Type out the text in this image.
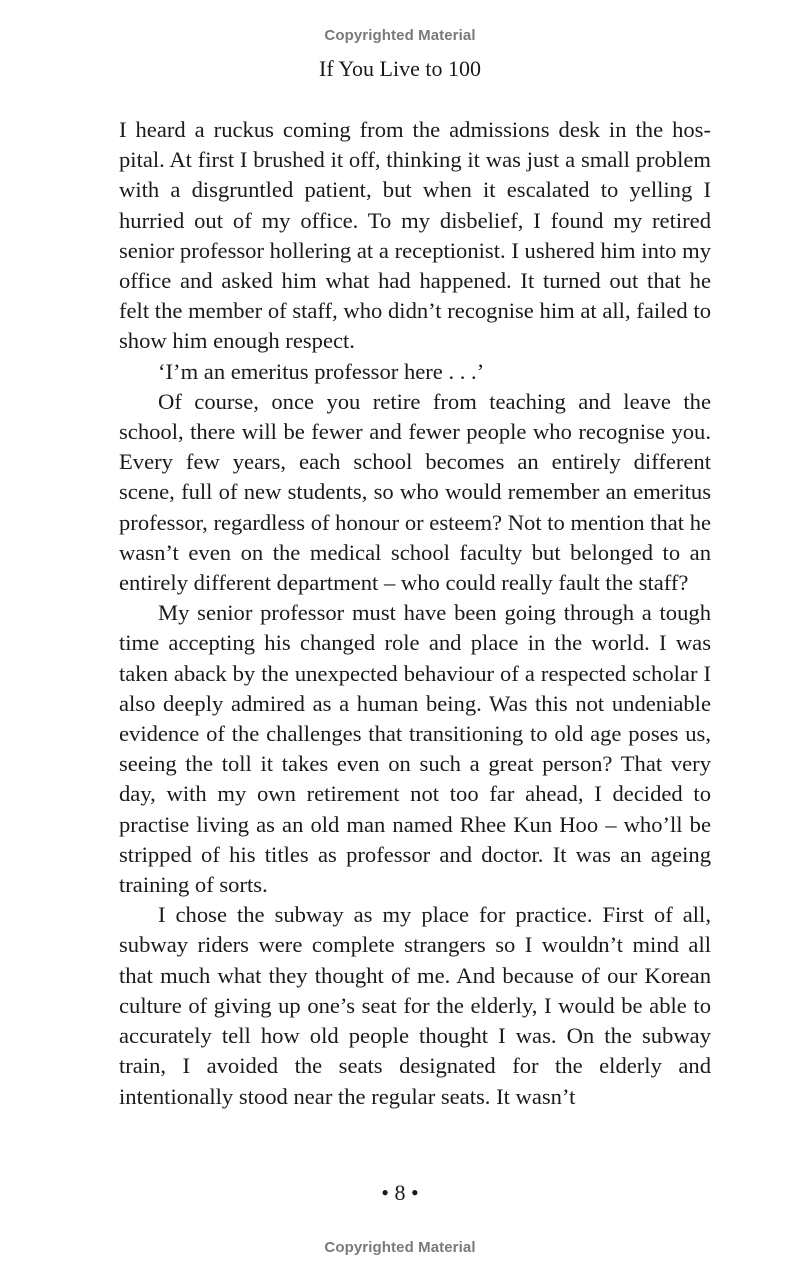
Copyrighted Material
If You Live to 100

I heard a ruckus coming from the admissions desk in the hospital. At first I brushed it off, thinking it was just a small problem with a disgruntled patient, but when it escalated to yelling I hurried out of my office. To my disbelief, I found my retired senior professor hollering at a receptionist. I ushered him into my office and asked him what had happened. It turned out that he felt the member of staff, who didn’t recognise him at all, failed to show him enough respect.

‘I’m an emeritus professor here . . .’

Of course, once you retire from teaching and leave the school, there will be fewer and fewer people who recognise you. Every few years, each school becomes an entirely different scene, full of new students, so who would remember an emeritus professor, regardless of honour or esteem? Not to mention that he wasn’t even on the medical school faculty but belonged to an entirely different department – who could really fault the staff?

My senior professor must have been going through a tough time accepting his changed role and place in the world. I was taken aback by the unexpected behaviour of a respected scholar I also deeply admired as a human being. Was this not undeniable evidence of the challenges that transitioning to old age poses us, seeing the toll it takes even on such a great person? That very day, with my own retirement not too far ahead, I decided to practise living as an old man named Rhee Kun Hoo – who’ll be stripped of his titles as professor and doctor. It was an ageing training of sorts.

I chose the subway as my place for practice. First of all, subway riders were complete strangers so I wouldn’t mind all that much what they thought of me. And because of our Korean culture of giving up one’s seat for the elderly, I would be able to accurately tell how old people thought I was. On the subway train, I avoided the seats designated for the elderly and intentionally stood near the regular seats. It wasn’t

• 8 •
Copyrighted Material
